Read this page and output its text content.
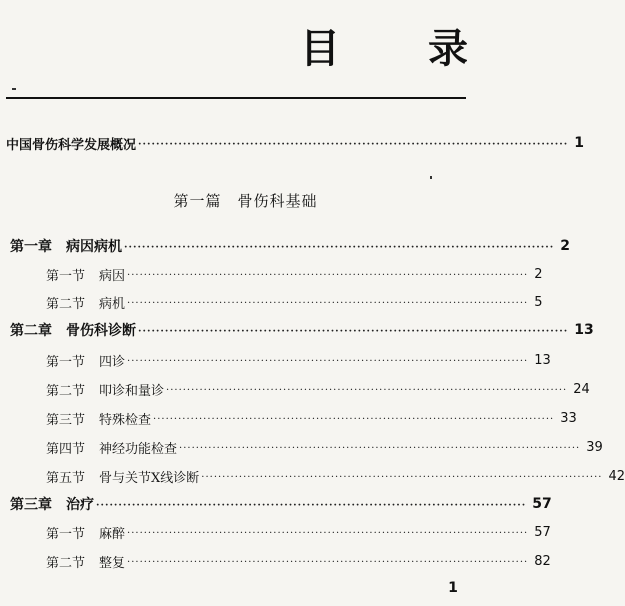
目 录
中国骨伤科学发展概况 ································································································ 1
第一篇 骨伤科基础
第一章 病因病机 ································································································ 2
第一节 病因 ································································································ 2
第二节 病机 ································································································ 5
第二章 骨伤科诊断 ································································································ 13
第一节 四诊 ································································································ 13
第二节 叩诊和量诊 ································································································ 24
第三节 特殊检查 ································································································ 33
第四节 神经功能检查 ································································································ 39
第五节 骨与关节X线诊断 ································································································ 42
第三章 治疗 ································································································ 57
第一节 麻醉 ································································································ 57
第二节 整复 ································································································ 82
1
